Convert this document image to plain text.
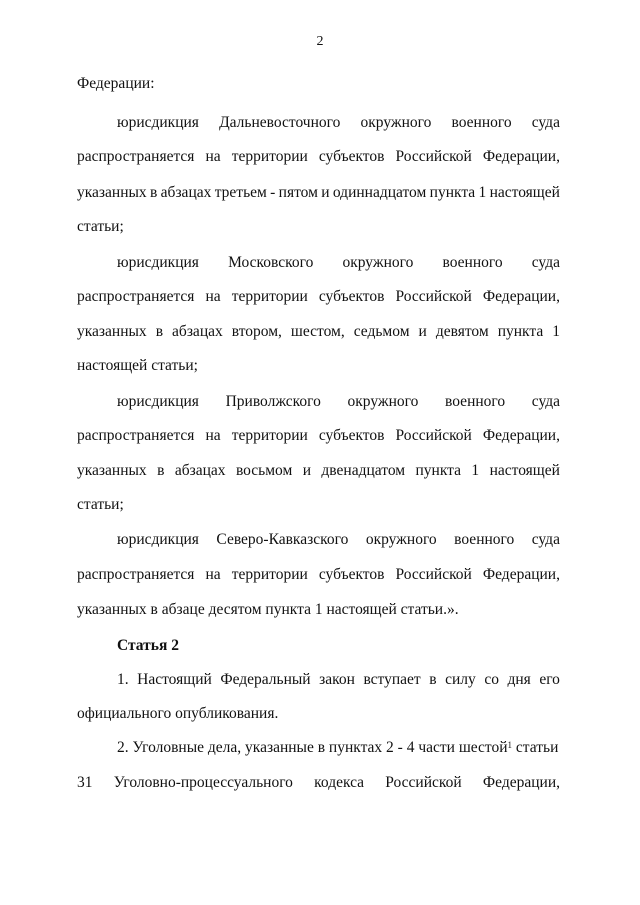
2
Федерации:
юрисдикция Дальневосточного окружного военного суда
распространяется на территории субъектов Российской Федерации,
указанных в абзацах третьем - пятом и одиннадцатом пункта 1 настоящей
статьи;
юрисдикция Московского окружного военного суда
распространяется на территории субъектов Российской Федерации,
указанных в абзацах втором, шестом, седьмом и девятом пункта 1
настоящей статьи;
юрисдикция Приволжского окружного военного суда
распространяется на территории субъектов Российской Федерации,
указанных в абзацах восьмом и двенадцатом пункта 1 настоящей
статьи;
юрисдикция Северо-Кавказского окружного военного суда
распространяется на территории субъектов Российской Федерации,
указанных в абзаце десятом пункта 1 настоящей статьи.».
Статья 2
1. Настоящий Федеральный закон вступает в силу со дня его
официального опубликования.
2. Уголовные дела, указанные в пунктах 2 - 4 части шестой$^1$ статьи
31 Уголовно-процессуального кодекса Российской Федерации,
